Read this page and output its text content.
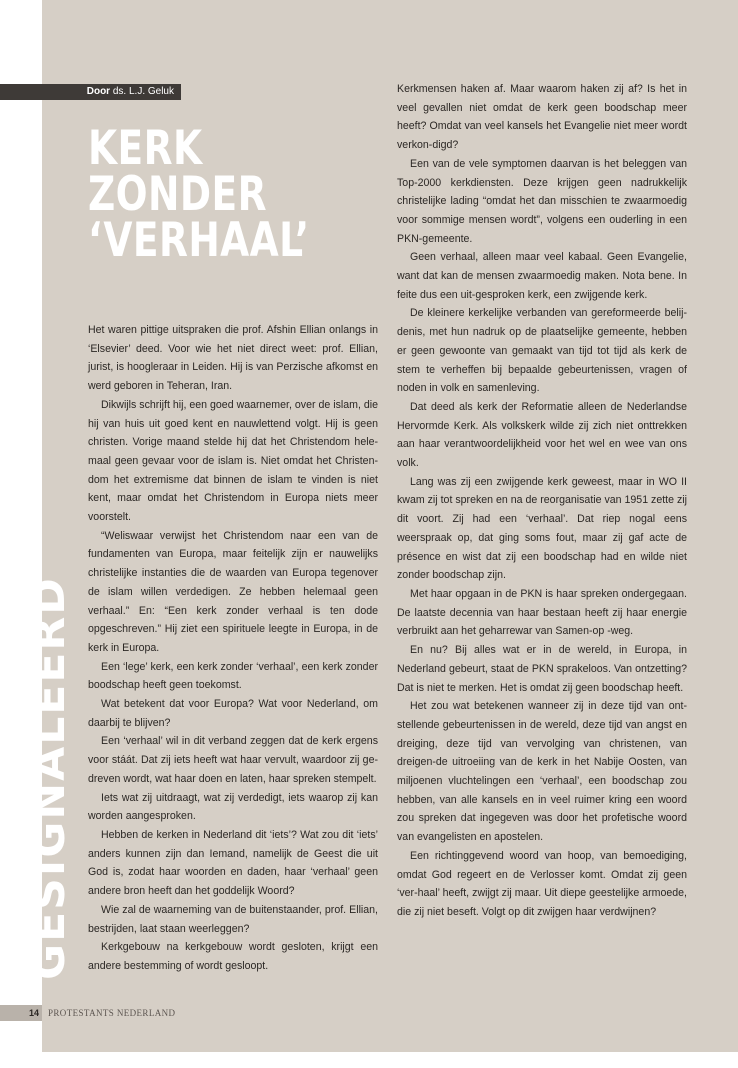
Door ds. L.J. Geluk
KERK
ZONDER
‘VERHAAL’

Het waren pittige uitspraken die prof. Afshin Ellian onlangs in ‘Elsevier’ deed. Voor wie het niet direct weet: prof. Ellian, jurist, is hoogleraar in Leiden. Hij is van Perzische afkomst en werd geboren in Teheran, Iran.

Dikwijls schrijft hij, een goed waarnemer, over de islam, die hij van huis uit goed kent en nauwlettend volgt. Hij is geen christen. Vorige maand stelde hij dat het Christendom hele-maal geen gevaar voor de islam is. Niet omdat het Christen-dom het extremisme dat binnen de islam te vinden is niet kent, maar omdat het Christendom in Europa niets meer voorstelt.

“Weliswaar verwijst het Christendom naar een van de fundamenten van Europa, maar feitelijk zijn er nauwelijks christelijke instanties die de waarden van Europa tegenover de islam willen verdedigen. Ze hebben helemaal geen verhaal.” En: “Een kerk zonder verhaal is ten dode opgeschreven.” Hij ziet een spirituele leegte in Europa, in de kerk in Europa.

Een ‘lege’ kerk, een kerk zonder ‘verhaal’, een kerk zonder boodschap heeft geen toekomst.

Wat betekent dat voor Europa? Wat voor Nederland, om daarbij te blijven?

Een ‘verhaal’ wil in dit verband zeggen dat de kerk ergens voor stáát. Dat zij iets heeft wat haar vervult, waardoor zij ge-dreven wordt, wat haar doen en laten, haar spreken stempelt.

Iets wat zij uitdraagt, wat zij verdedigt, iets waarop zij kan worden aangesproken.

Hebben de kerken in Nederland dit ‘iets’? Wat zou dit ‘iets’ anders kunnen zijn dan Iemand, namelijk de Geest die uit God is, zodat haar woorden en daden, haar ‘verhaal’ geen andere bron heeft dan het goddelijk Woord?

Wie zal de waarneming van de buitenstaander, prof. Ellian, bestrijden, laat staan weerleggen?

Kerkgebouw na kerkgebouw wordt gesloten, krijgt een andere bestemming of wordt gesloopt.

Kerkmensen haken af. Maar waarom haken zij af? Is het in veel gevallen niet omdat de kerk geen boodschap meer heeft? Omdat van veel kansels het Evangelie niet meer wordt verkon-digd?

Een van de vele symptomen daarvan is het beleggen van Top-2000 kerkdiensten. Deze krijgen geen nadrukkelijk christelijke lading “omdat het dan misschien te zwaarmoedig voor sommige mensen wordt”, volgens een ouderling in een PKN-gemeente.

Geen verhaal, alleen maar veel kabaal. Geen Evangelie, want dat kan de mensen zwaarmoedig maken. Nota bene. In feite dus een uit-gesproken kerk, een zwijgende kerk.

De kleinere kerkelijke verbanden van gereformeerde belij-denis, met hun nadruk op de plaatselijke gemeente, hebben er geen gewoonte van gemaakt van tijd tot tijd als kerk de stem te verheffen bij bepaalde gebeurtenissen, vragen of noden in volk en samenleving.

Dat deed als kerk der Reformatie alleen de Nederlandse Hervormde Kerk. Als volkskerk wilde zij zich niet onttrekken aan haar verantwoordelijkheid voor het wel en wee van ons volk.

Lang was zij een zwijgende kerk geweest, maar in WO II kwam zij tot spreken en na de reorganisatie van 1951 zette zij dit voort. Zij had een ‘verhaal’. Dat riep nogal eens weerspraak op, dat ging soms fout, maar zij gaf acte de présence en wist dat zij een boodschap had en wilde niet zonder boodschap zijn.

Met haar opgaan in de PKN is haar spreken ondergegaan. De laatste decennia van haar bestaan heeft zij haar energie verbruikt aan het geharrewar van Samen-op -weg.

En nu? Bij alles wat er in de wereld, in Europa, in Nederland gebeurt, staat de PKN sprakeloos. Van ontzetting? Dat is niet te merken. Het is omdat zij geen boodschap heeft.

Het zou wat betekenen wanneer zij in deze tijd van ont-stellende gebeurtenissen in de wereld, deze tijd van angst en dreiging, deze tijd van vervolging van christenen, van dreigen-de uitroeiing van de kerk in het Nabije Oosten, van miljoenen vluchtelingen een ‘verhaal’, een boodschap zou hebben, van alle kansels en in veel ruimer kring een woord zou spreken dat ingegeven was door het profetische woord van evangelisten en apostelen.

Een richtinggevend woord van hoop, van bemoediging, omdat God regeert en de Verlosser komt. Omdat zij geen ‘ver-haal’ heeft, zwijgt zij maar. Uit diepe geestelijke armoede, die zij niet beseft. Volgt op dit zwijgen haar verdwijnen?

GESIGNALEERD
14 PROTESTANTS NEDERLAND
